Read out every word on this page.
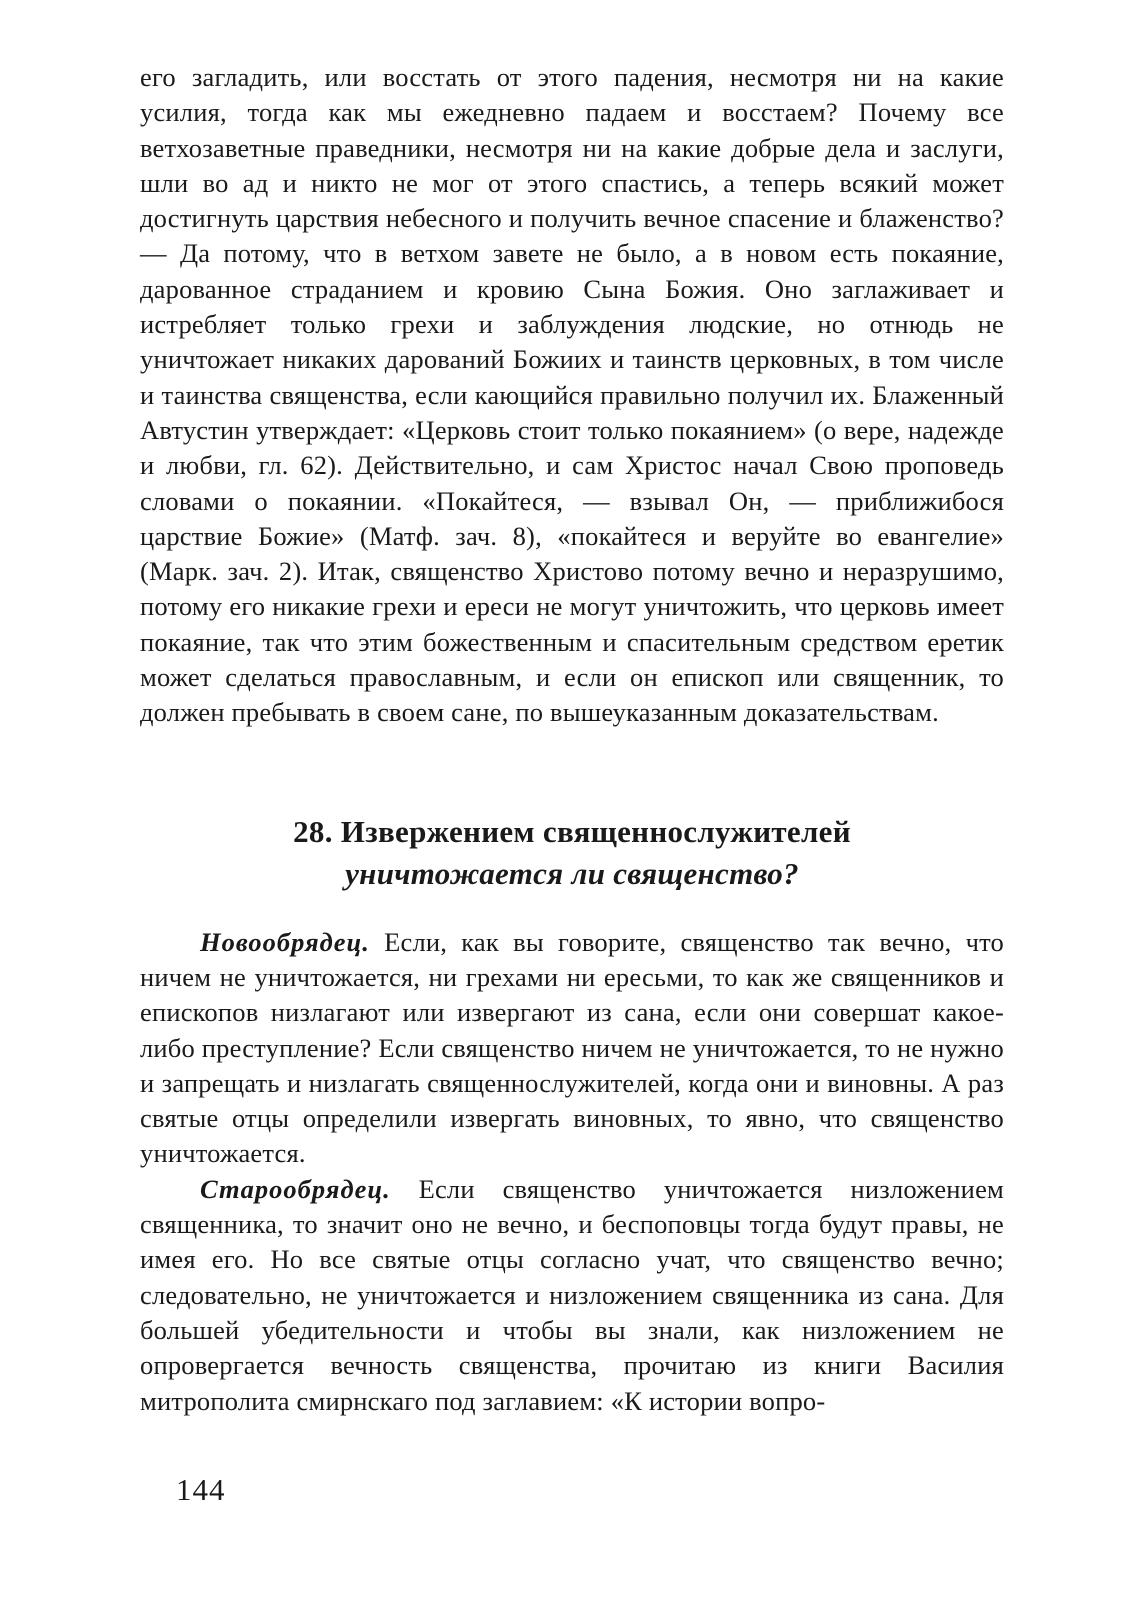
его загладить, или восстать от этого падения, несмотря ни на какие усилия, тогда как мы ежедневно падаем и восстаем? Почему все ветхозаветные праведники, несмотря ни на какие добрые дела и заслуги, шли во ад и никто не мог от этого спастись, а теперь всякий может достигнуть царствия небесного и получить вечное спасение и блаженство? — Да потому, что в ветхом завете не было, а в новом есть покаяние, дарованное страданием и кровию Сына Божия. Оно заглаживает и истребляет только грехи и заблуждения людские, но отнюдь не уничтожает никаких дарований Божиих и таинств церковных, в том числе и таинства священства, если кающийся правильно получил их. Блаженный Автустин утверждает: «Церковь стоит только покаянием» (о вере, надежде и любви, гл. 62). Действительно, и сам Христос начал Свою проповедь словами о покаянии. «Покайтеся, — взывал Он, — приближибося царствие Божие» (Матф. зач. 8), «покайтеся и веруйте во евангелие» (Марк. зач. 2). Итак, священство Христово потому вечно и неразрушимо, потому его никакие грехи и ереси не могут уничтожить, что церковь имеет покаяние, так что этим божественным и спасительным средством еретик может сделаться православным, и если он епископ или священник, то должен пребывать в своем сане, по вышеуказанным доказательствам.

28. Извержением священнослужителей
уничтожается ли священство?

Новообрядец. Если, как вы говорите, священство так вечно, что ничем не уничтожается, ни грехами ни ересьми, то как же священников и епископов низлагают или извергают из сана, если они совершат какое-либо преступление? Если священство ничем не уничтожается, то не нужно и запрещать и низлагать священнослужителей, когда они и виновны. А раз святые отцы определили извергать виновных, то явно, что священство уничтожается.

Старообрядец. Если священство уничтожается низложением священника, то значит оно не вечно, и беспоповцы тогда будут правы, не имея его. Но все святые отцы согласно учат, что священство вечно; следовательно, не уничтожается и низложением священника из сана. Для большей убедительности и чтобы вы знали, как низложением не опровергается вечность священства, прочитаю из книги Василия митрополита смирнскаго под заглавием: «К истории вопро-

144
